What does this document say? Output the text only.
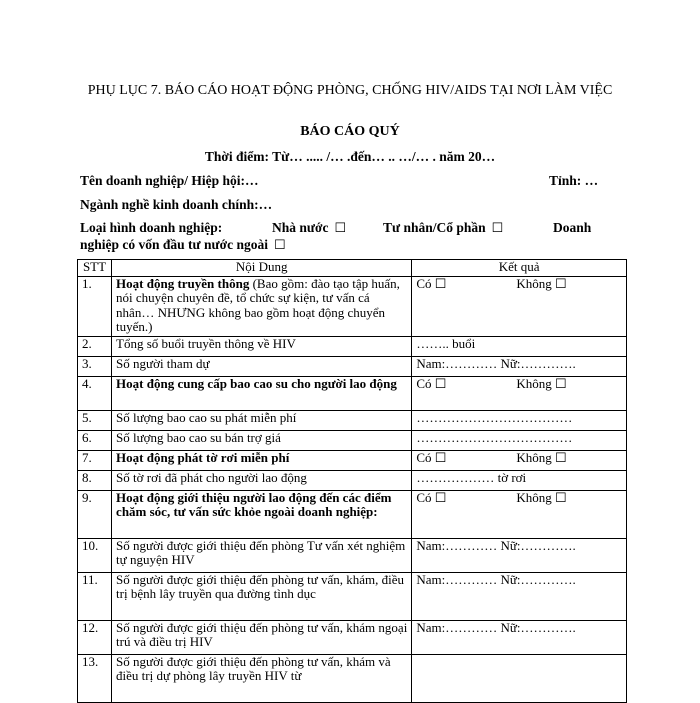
PHỤ LỤC 7. BÁO CÁO HOẠT ĐỘNG PHÒNG, CHỐNG HIV/AIDS TẠI NƠI LÀM VIỆC
BÁO CÁO QUÝ
Thời điểm: Từ… ..... /… .đến… .. …/… . năm 20…
Tên doanh nghiệp/ Hiệp hội:…	Tỉnh: …
Ngành nghề kinh doanh chính:…
Loại hình doanh nghiệp:	Nhà nước ☐	Tư nhân/Cổ phần ☐	Doanh
nghiệp có vốn đầu tư nước ngoài ☐
STT	Nội Dung	Kết quả
1.	Hoạt động truyền thông (Bao gồm: đào tạo tập huấn, nói chuyện chuyên đề, tổ chức sự kiện, tư vấn cá nhân… NHƯNG không bao gồm hoạt động chuyển tuyến.)	Có ☐ Không ☐
2.	Tổng số buổi truyền thông về HIV	…….. buổi
3.	Số người tham dự	Nam:………… Nữ:………….
4.	Hoạt động cung cấp bao cao su cho người lao động	Có ☐ Không ☐
5.	Số lượng bao cao su phát miễn phí	………………………………
6.	Số lượng bao cao su bán trợ giá	………………………………
7.	Hoạt động phát tờ rơi miễn phí	Có ☐ Không ☐
8.	Số tờ rơi đã phát cho người lao động	……………… tờ rơi
9.	Hoạt động giới thiệu người lao động đến các điểm chăm sóc, tư vấn sức khỏe ngoài doanh nghiệp:	Có ☐ Không ☐
10.	Số người được giới thiệu đến phòng Tư vấn xét nghiệm tự nguyện HIV	Nam:………… Nữ:………….
11.	Số người được giới thiệu đến phòng tư vấn, khám, điều trị bệnh lây truyền qua đường tình dục	Nam:………… Nữ:………….
12.	Số người được giới thiệu đến phòng tư vấn, khám ngoại trú và điều trị HIV	Nam:………… Nữ:………….
13.	Số người được giới thiệu đến phòng tư vấn, khám và điều trị dự phòng lây truyền HIV từ	
